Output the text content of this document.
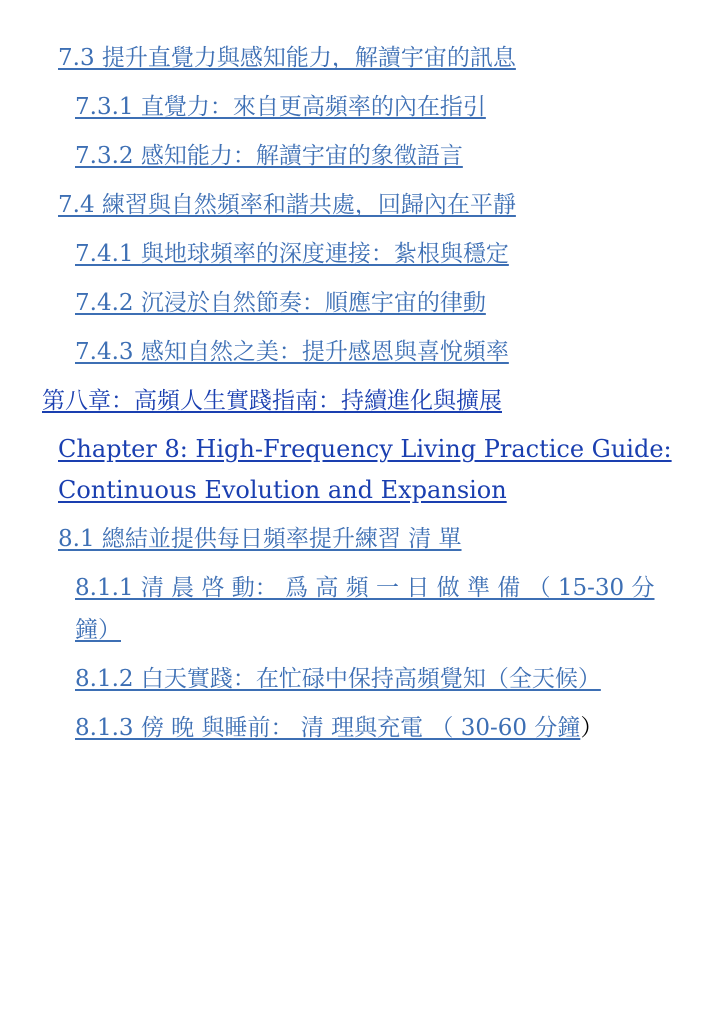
7.3 提升直覺力與感知能力，解讀宇宙的訊息

7.3.1 直覺力：來自更高頻率的內在指引

7.3.2 感知能力：解讀宇宙的象徵語言

7.4 練習與自然頻率和諧共處，回歸內在平靜

7.4.1 與地球頻率的深度連接：紮根與穩定

7.4.2 沉浸於自然節奏：順應宇宙的律動

7.4.3 感知自然之美：提升感恩與喜悅頻率

第八章：高頻人生實踐指南：持續進化與擴展

Chapter 8: High-Frequency Living Practice Guide:
Continuous Evolution and Expansion

8.1 總結並提供每日頻率提升練習 清 單

8.1.1 清 晨 啓 動： 爲 高 頻 一 日 做 準 備 （ 15-30 分
鐘）

8.1.2 白天實踐：在忙碌中保持高頻覺知（全天候）

8.1.3 傍 晚 與睡前： 清 理與充電 （ 30-60 分鐘）
